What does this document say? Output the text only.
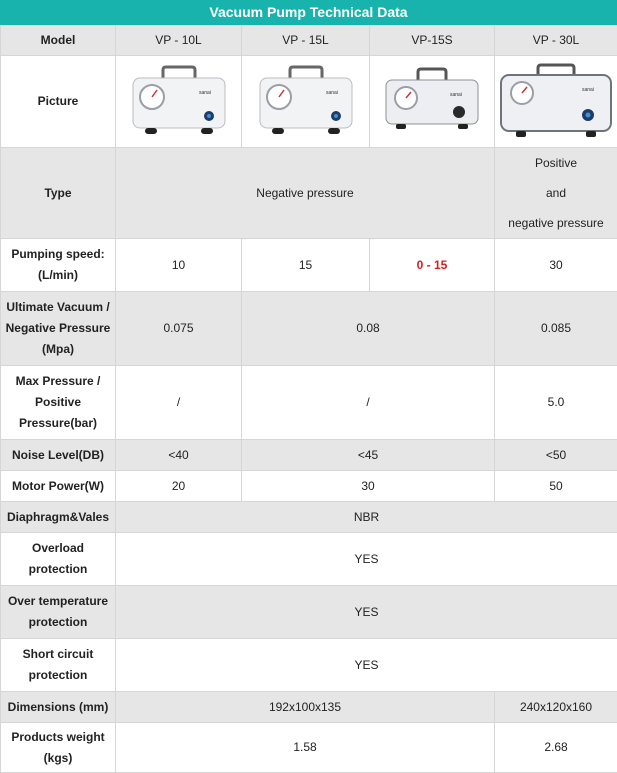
Vacuum Pump Technical Data
Model	VP - 10L	VP - 15L	VP-15S	VP - 30L
Picture	sanai	sanai	sanai	sanai

Type	Negative pressure			Positive
and
negative pressure

Pumping speed:
(L/min)	10	15	0 - 15	30

Ultimate Vacuum /
Negative Pressure
(Mpa)	0.075	0.08		0.085

Max Pressure /
Positive
Pressure(bar)	/	/		5.0
Noise Level(DB)	<40	<45		<50
Motor Power(W)	20	30		50
Diaphragm&Vales	NBR			

Overload
protection	YES			

Over temperature
protection	YES			

Short circuit
protection	YES			
Dimensions (mm)	192x100x135			240x120x160

Products weight
(kgs)	1.58			2.68
